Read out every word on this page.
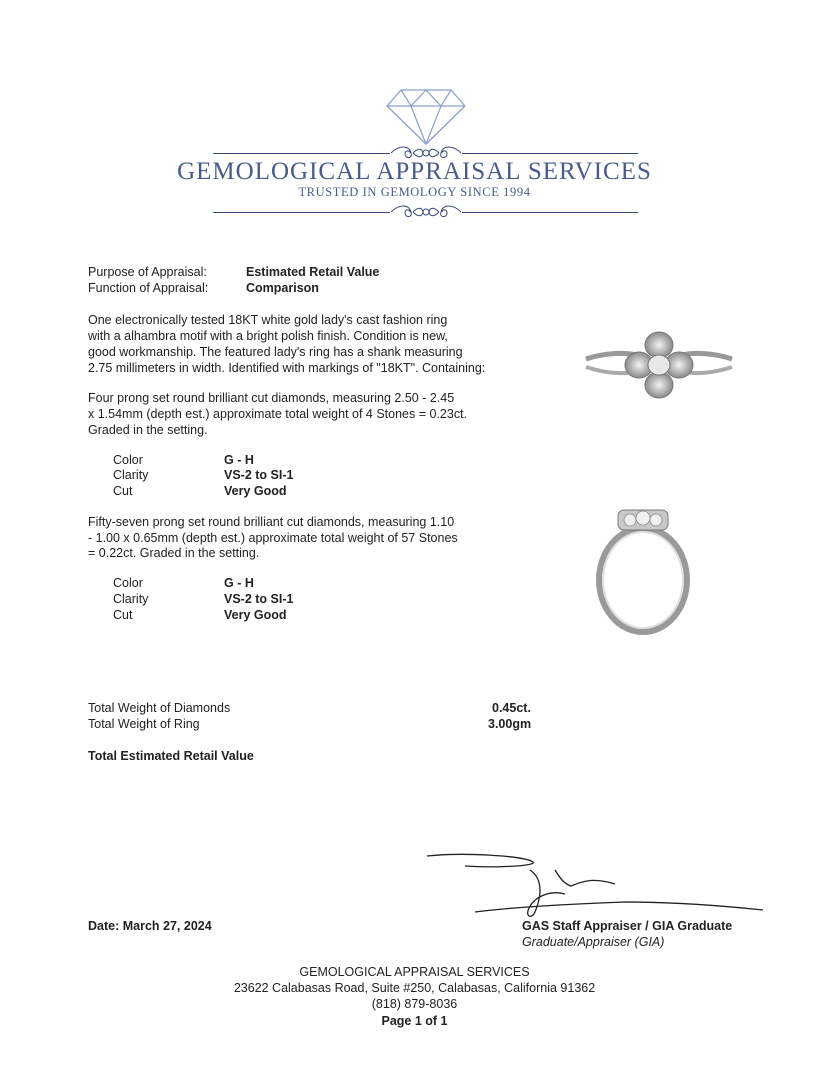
GEMOLOGICAL APPRAISAL SERVICES
TRUSTED IN GEMOLOGY SINCE 1994
Purpose of Appraisal:	Estimated Retail Value
Function of Appraisal:	Comparison
One electronically tested 18KT white gold lady's cast fashion ring
with a alhambra motif with a bright polish finish. Condition is new,
good workmanship. The featured lady's ring has a shank measuring
2.75 millimeters in width. Identified with markings of "18KT". Containing:
Four prong set round brilliant cut diamonds, measuring 2.50 - 2.45
x 1.54mm (depth est.) approximate total weight of 4 Stones = 0.23ct.
Graded in the setting.
Color	G - H
Clarity	VS-2 to SI-1
Cut	Very Good
Fifty-seven prong set round brilliant cut diamonds, measuring 1.10
- 1.00 x 0.65mm (depth est.) approximate total weight of 57 Stones
= 0.22ct. Graded in the setting.
Color	G - H
Clarity	VS-2 to SI-1
Cut	Very Good
Total Weight of Diamonds	0.45ct.
Total Weight of Ring	3.00gm
Total Estimated Retail Value
Date: March 27, 2024	GAS Staff Appraiser / GIA Graduate
Graduate/Appraiser (GIA)
GEMOLOGICAL APPRAISAL SERVICES
23622 Calabasas Road, Suite #250, Calabasas, California 91362
(818) 879-8036
Page 1 of 1
